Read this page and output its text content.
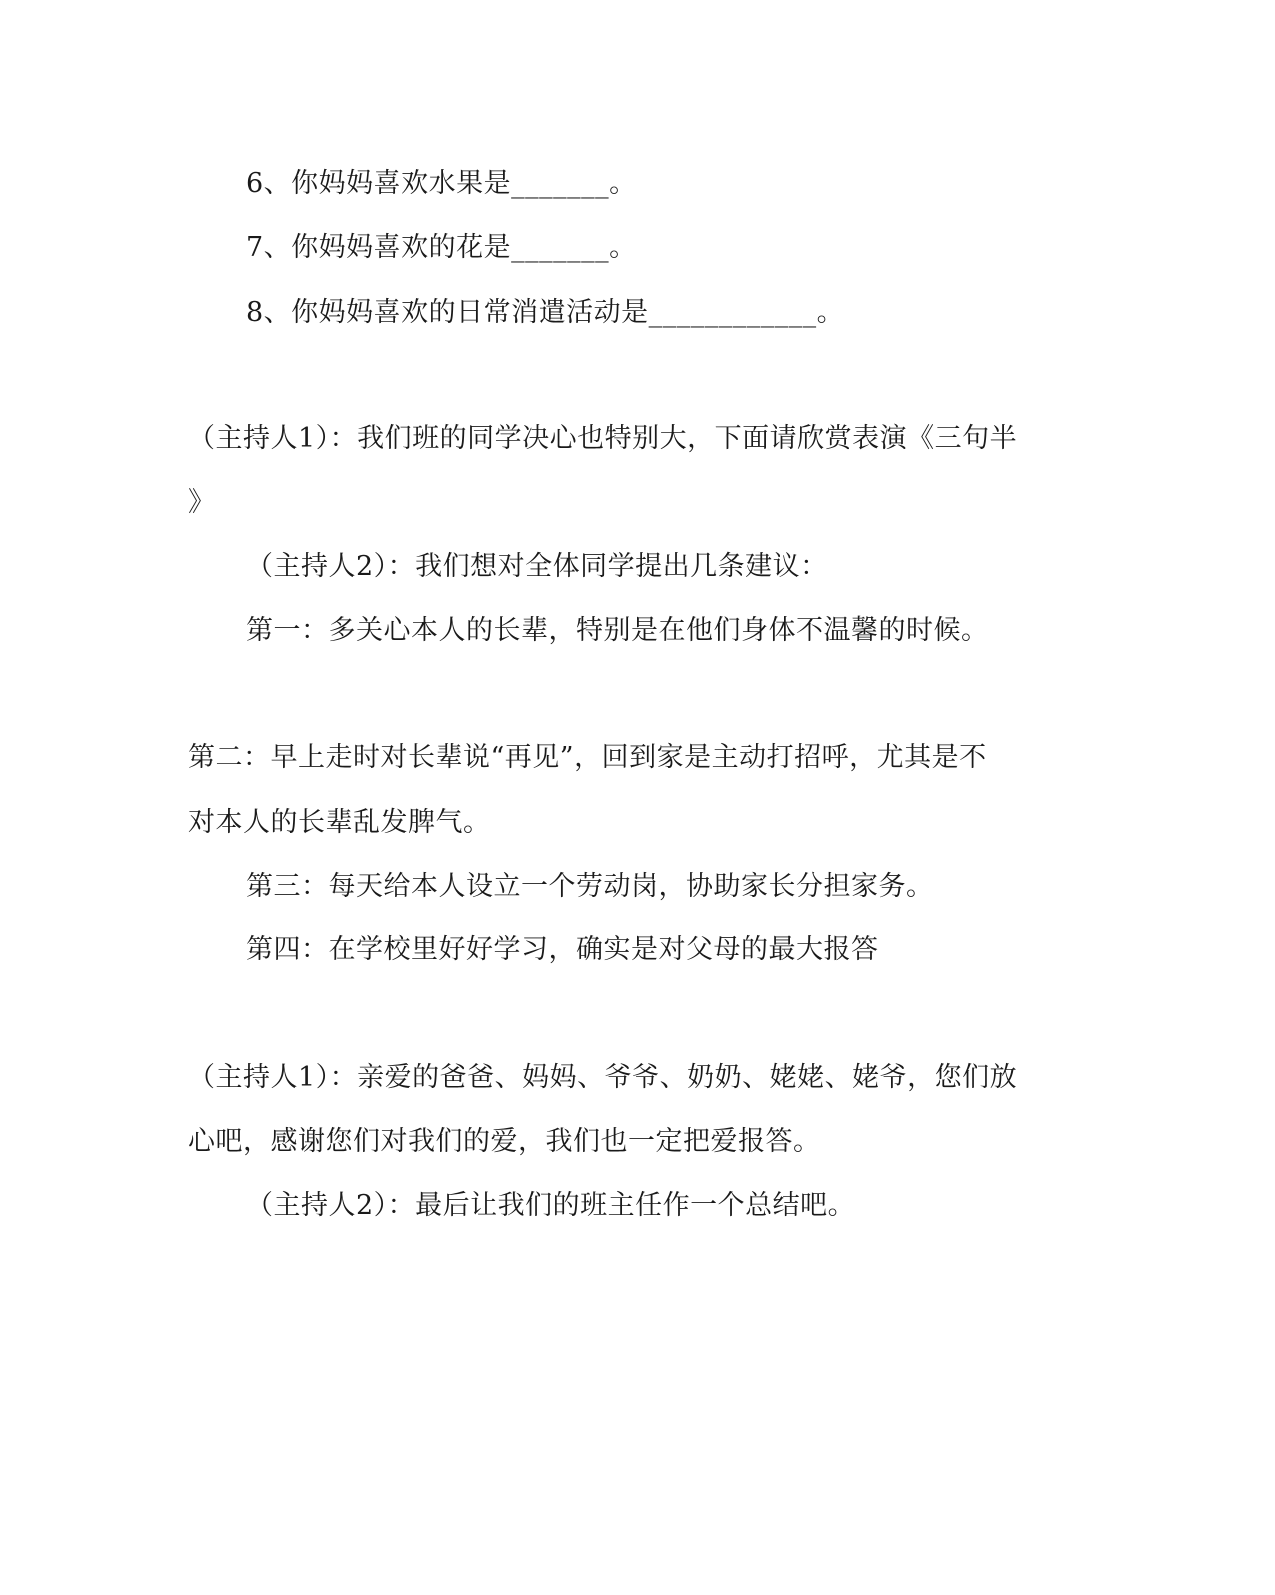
6、你妈妈喜欢水果是_______。
7、你妈妈喜欢的花是_______。
8、你妈妈喜欢的日常消遣活动是____________。
（主持人1）：我们班的同学决心也特别大，下面请欣赏表演《三句半
》
（主持人2）：我们想对全体同学提出几条建议：
第一：多关心本人的长辈，特别是在他们身体不温馨的时候。
第二：早上走时对长辈说“再见”，回到家是主动打招呼，尤其是不
对本人的长辈乱发脾气。
第三：每天给本人设立一个劳动岗，协助家长分担家务。
第四：在学校里好好学习，确实是对父母的最大报答
（主持人1）：亲爱的爸爸、妈妈、爷爷、奶奶、姥姥、姥爷，您们放
心吧，感谢您们对我们的爱，我们也一定把爱报答。
（主持人2）：最后让我们的班主任作一个总结吧。
